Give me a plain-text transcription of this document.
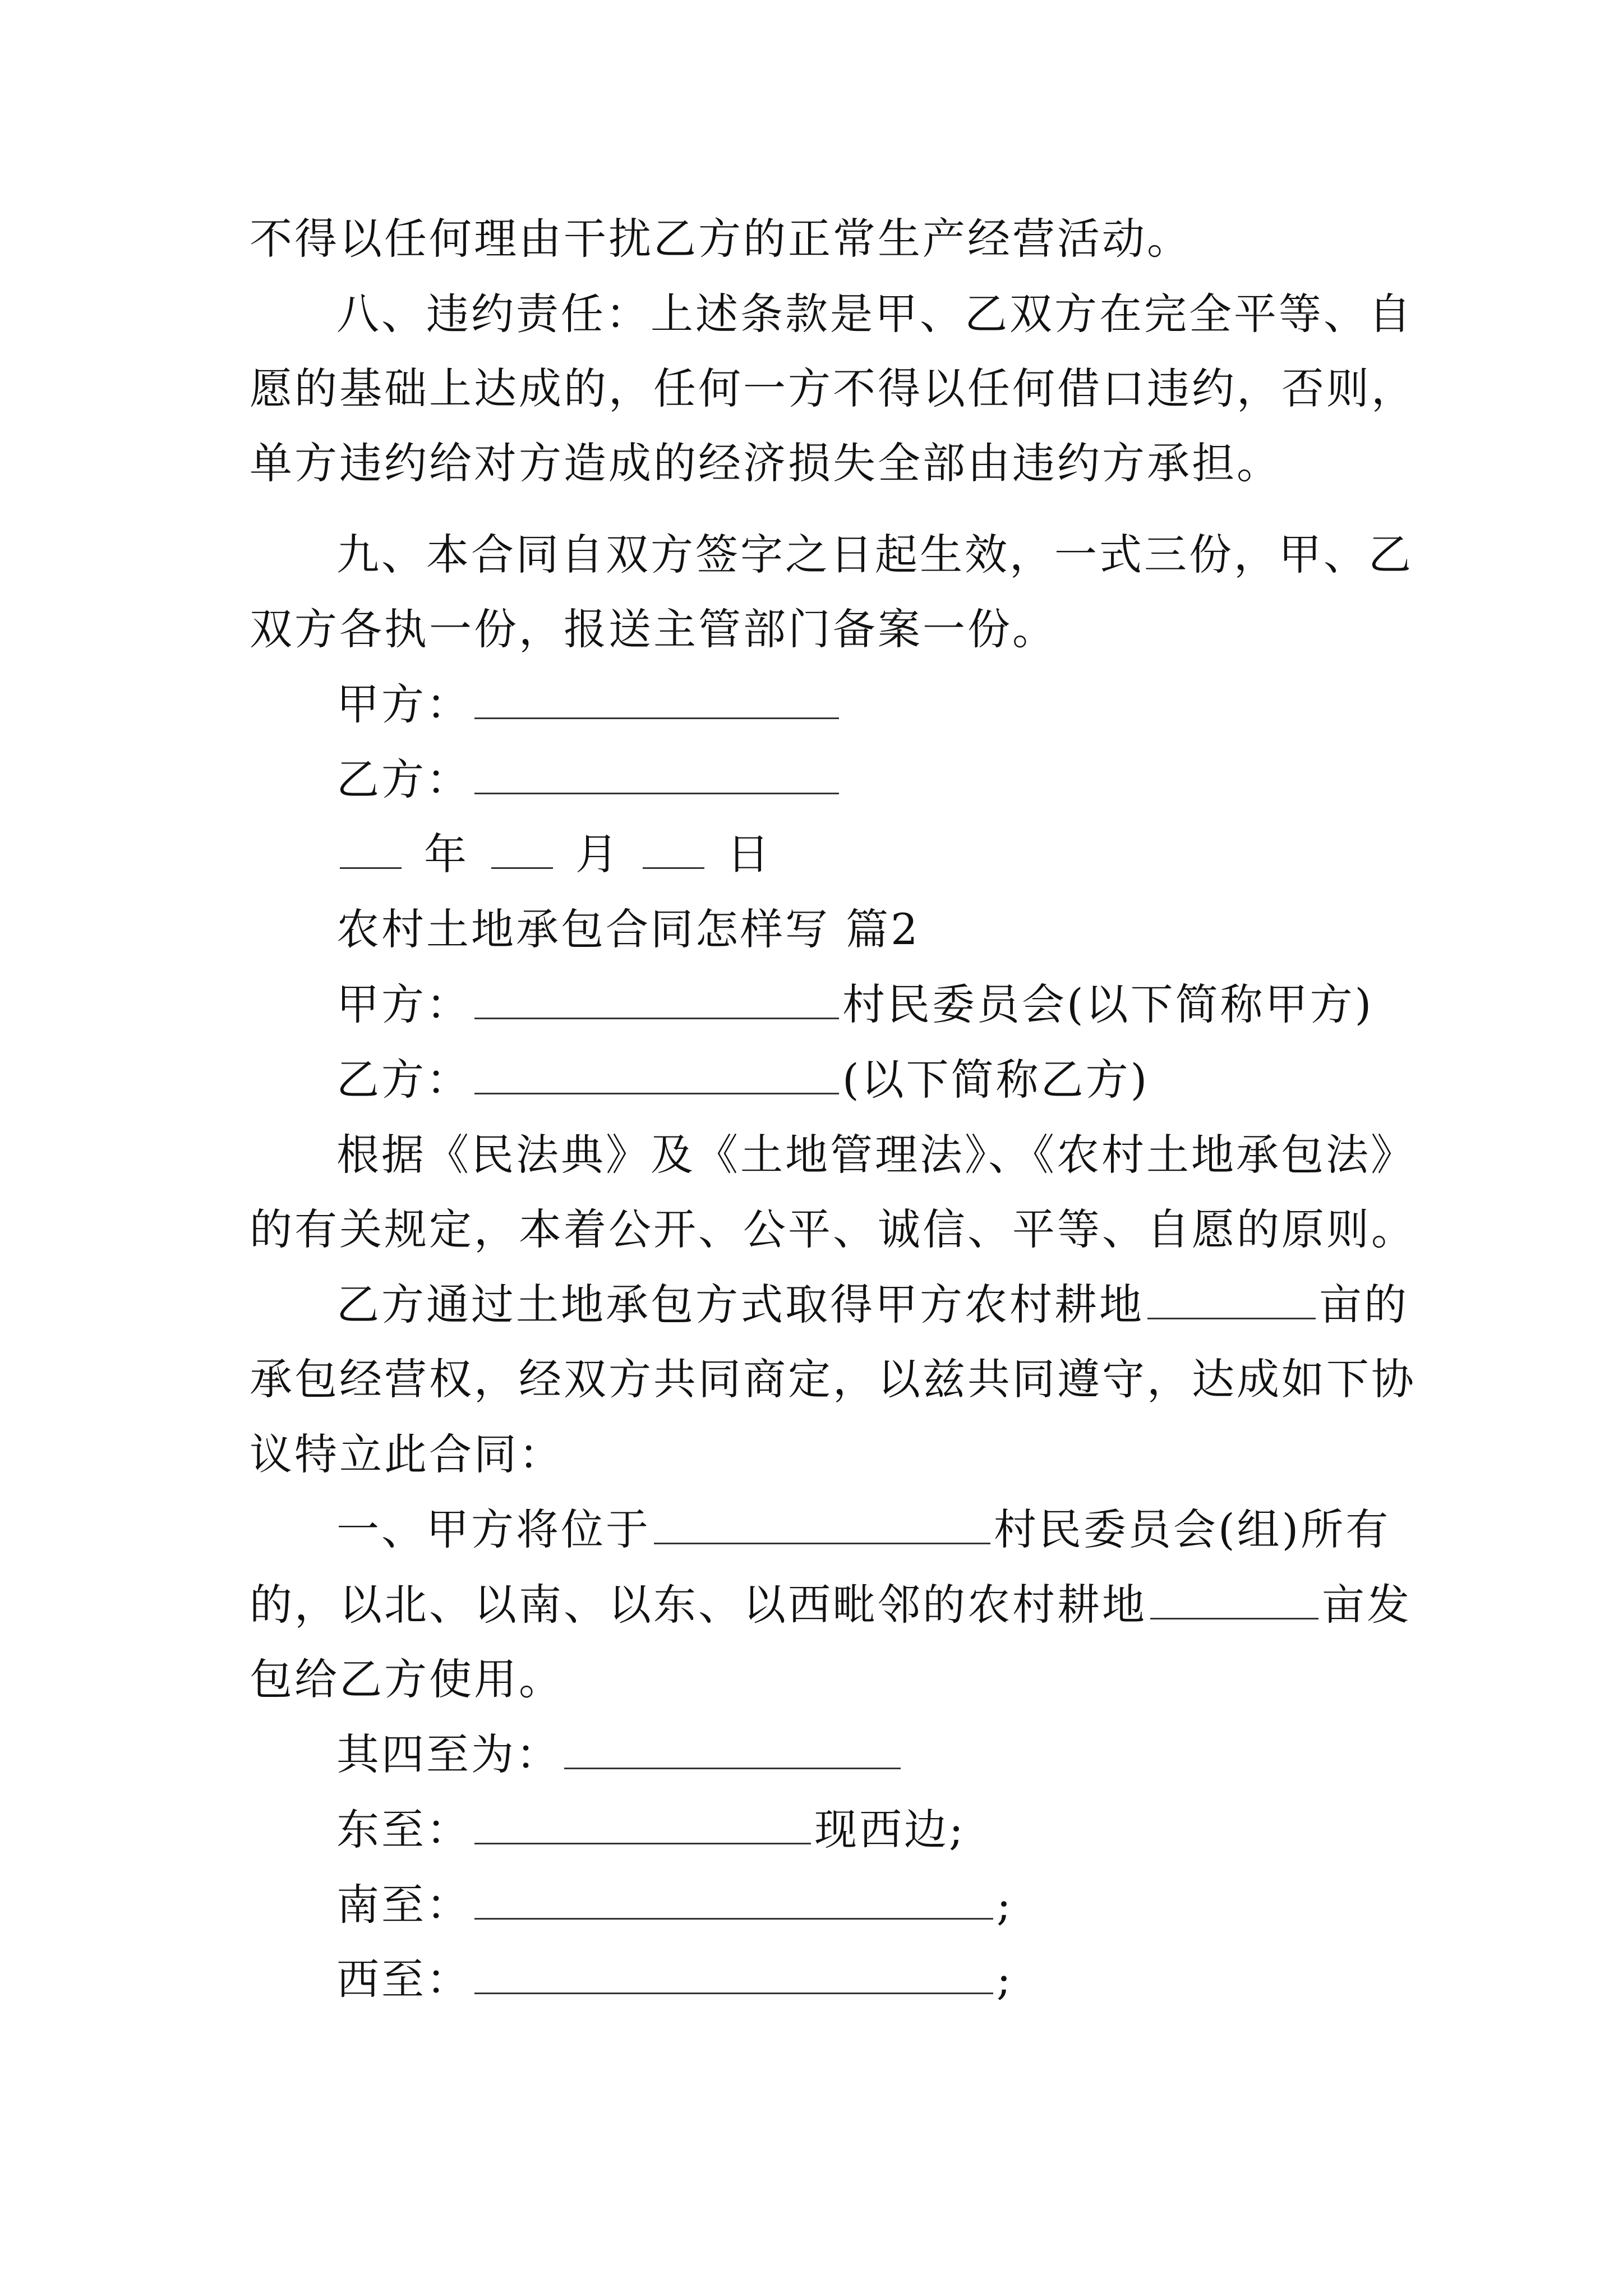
不得以任何理由干扰乙方的正常生产经营活动。
八、违约责任：上述条款是甲、乙双方在完全平等、自
愿的基础上达成的，任何一方不得以任何借口违约，否则，
单方违约给对方造成的经济损失全部由违约方承担。
九、本合同自双方签字之日起生效，一式三份，甲、乙
双方各执一份，报送主管部门备案一份。
甲方：
乙方：
年	月	日
农村土地承包合同怎样写 篇2
甲方：	村民委员会(以下简称甲方)
乙方：	(以下简称乙方)
根据《民法典》及《土地管理法》、《农村土地承包法》
的有关规定，本着公开、公平、诚信、平等、自愿的原则。
乙方通过土地承包方式取得甲方农村耕地	亩的
承包经营权，经双方共同商定，以兹共同遵守，达成如下协
议特立此合同：
一、甲方将位于	村民委员会(组)所有
的，以北、以南、以东、以西毗邻的农村耕地	亩发
包给乙方使用。
其四至为：
东至：	现西边;
南至：	;
西至：	;
